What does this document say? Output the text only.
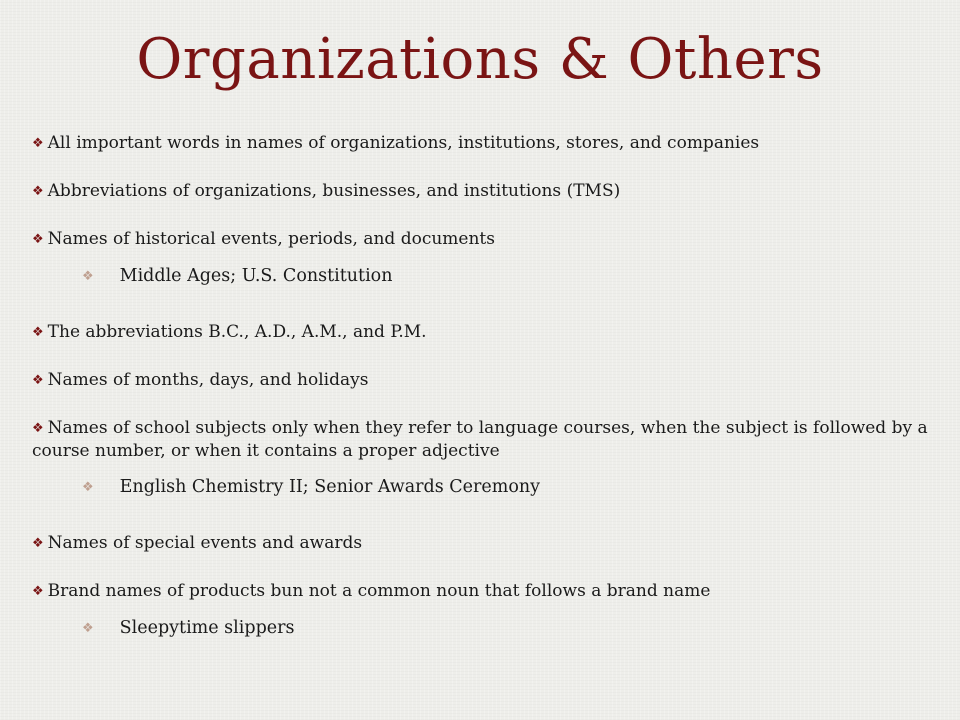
Organizations & Others
❖ All important words in names of organizations, institutions, stores, and companies
❖ Abbreviations of organizations, businesses, and institutions (TMS)
❖ Names of historical events, periods, and documents
❖ Middle Ages; U.S. Constitution
❖ The abbreviations B.C., A.D., A.M., and P.M.
❖ Names of months, days, and holidays
❖ Names of school subjects only when they refer to language courses, when the subject is followed by a course number, or when it contains a proper adjective
❖ English Chemistry II; Senior Awards Ceremony
❖ Names of special events and awards
❖ Brand names of products bun not a common noun that follows a brand name
❖ Sleepytime slippers
